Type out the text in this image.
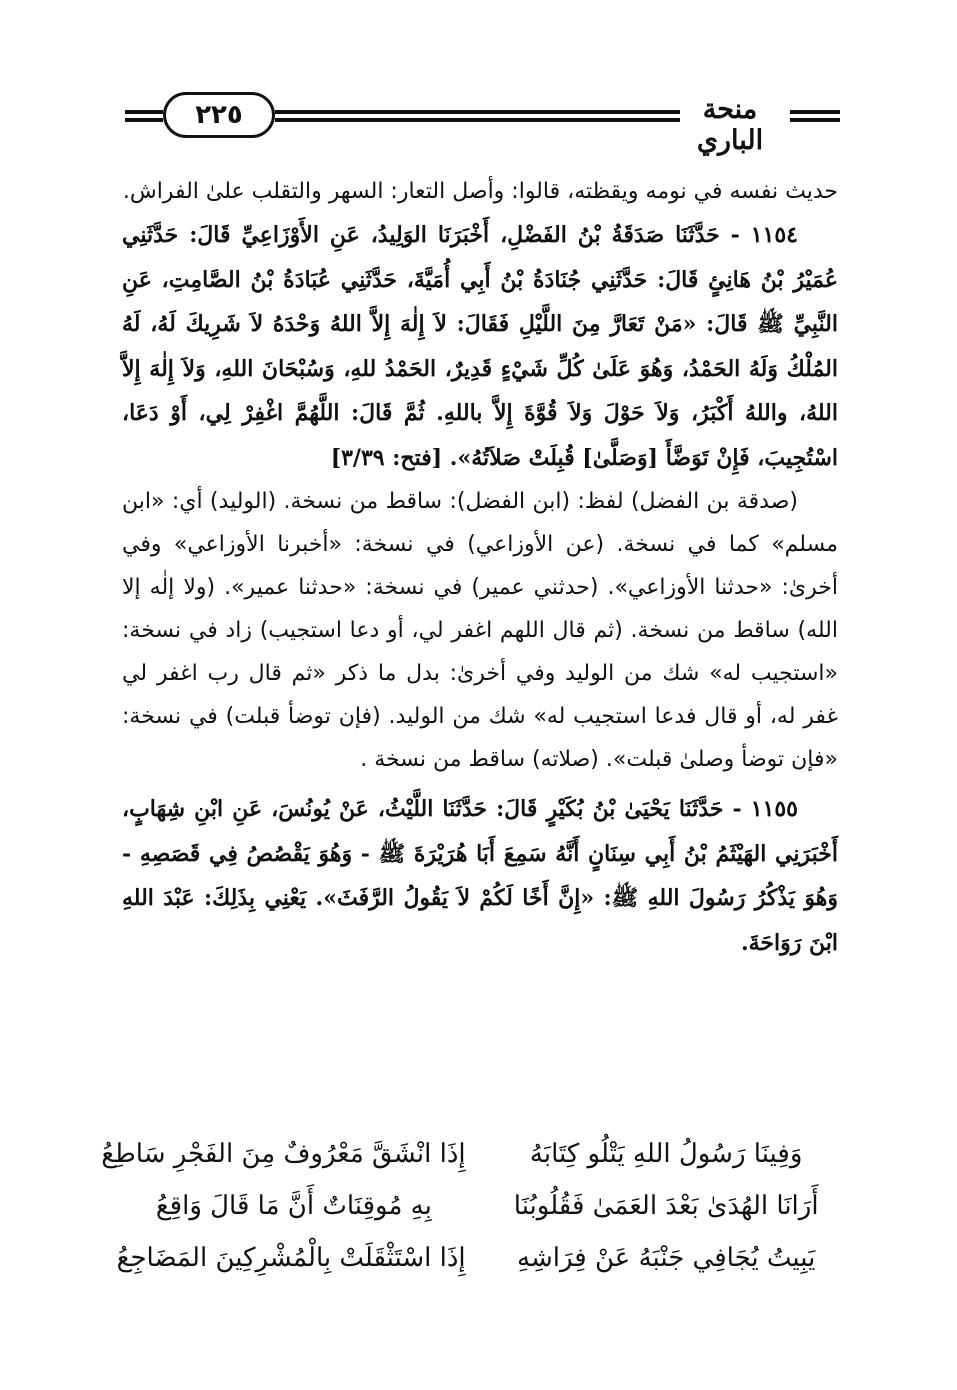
منحة الباري
٢٢٥

حديث نفسه في نومه ويقظته، قالوا: وأصل التعار: السهر والتقلب علىٰ الفراش.

١١٥٤ - حَدَّثَنَا صَدَقَةُ بْنُ الفَضْلِ، أَخْبَرَنَا الوَلِيدُ، عَنِ الأَوْزَاعِيِّ قَالَ: حَدَّثَنِي عُمَيْرُ بْنُ هَانِئٍ قَالَ: حَدَّثَنِي جُنَادَةُ بْنُ أَبِي أُمَيَّةَ، حَدَّثَنِي عُبَادَةُ بْنُ الصَّامِتِ، عَنِ النَّبِيِّ ﷺ قَالَ: «مَنْ تَعَارَّ مِنَ اللَّيْلِ فَقَالَ: لاَ إِلٰهَ إِلاَّ اللهُ وَحْدَهُ لاَ شَرِيكَ لَهُ، لَهُ المُلْكُ وَلَهُ الحَمْدُ، وَهُوَ عَلَىٰ كُلِّ شَيْءٍ قَدِيرٌ، الحَمْدُ للهِ، وَسُبْحَانَ اللهِ، وَلاَ إِلٰهَ إِلاَّ اللهُ، واللهُ أَكْبَرُ، وَلاَ حَوْلَ وَلاَ قُوَّةَ إِلاَّ باللهِ. ثُمَّ قَالَ: اللَّهُمَّ اغْفِرْ لِي، أَوْ دَعَا، اسْتُجِيبَ، فَإِنْ تَوَضَّأَ [وَصَلَّىٰ] قُبِلَتْ صَلاَتُهُ». [فتح: ٣/٣٩]

(صدقة بن الفضل) لفظ: (ابن الفضل): ساقط من نسخة. (الوليد) أي: «ابن مسلم» كما في نسخة. (عن الأوزاعي) في نسخة: «أخبرنا الأوزاعي» وفي أخرىٰ: «حدثنا الأوزاعي». (حدثني عمير) في نسخة: «حدثنا عمير». (ولا إلٰه إلا الله) ساقط من نسخة. (ثم قال اللهم اغفر لي، أو دعا استجيب) زاد في نسخة: «استجيب له» شك من الوليد وفي أخرىٰ: بدل ما ذكر «ثم قال رب اغفر لي غفر له، أو قال فدعا استجيب له» شك من الوليد. (فإن توضأ قبلت) في نسخة: «فإن توضأ وصلىٰ قبلت». (صلاته) ساقط من نسخة .

١١٥٥ - حَدَّثَنَا يَحْيَىٰ بْنُ بُكَيْرٍ قَالَ: حَدَّثَنَا اللَّيْثُ، عَنْ يُونُسَ، عَنِ ابْنِ شِهَابٍ، أَخْبَرَنِي الهَيْثَمُ بْنُ أَبِي سِنَانٍ أَنَّهُ سَمِعَ أَبَا هُرَيْرَةَ ﷺ - وَهُوَ يَقْصُصُ فِي قَصَصِهِ - وَهُوَ يَذْكُرُ رَسُولَ اللهِ ﷺ: «إِنَّ أَخًا لَكُمْ لاَ يَقُولُ الرَّفَثَ». يَعْنِي بِذَلِكَ: عَبْدَ اللهِ ابْنَ رَوَاحَةَ.

وَفِينَا رَسُولُ اللهِ يَتْلُو كِتَابَهُ
إِذَا انْشَقَّ مَعْرُوفٌ مِنَ الفَجْرِ سَاطِعُ
أَرَانَا الهُدَىٰ بَعْدَ العَمَىٰ فَقُلُوبُنَا
بِهِ مُوقِنَاتٌ أَنَّ مَا قَالَ وَاقِعُ
يَبِيتُ يُجَافِي جَنْبَهُ عَنْ فِرَاشِهِ
إِذَا اسْتَثْقَلَتْ بِالْمُشْرِكِينَ المَضَاجِعُ
